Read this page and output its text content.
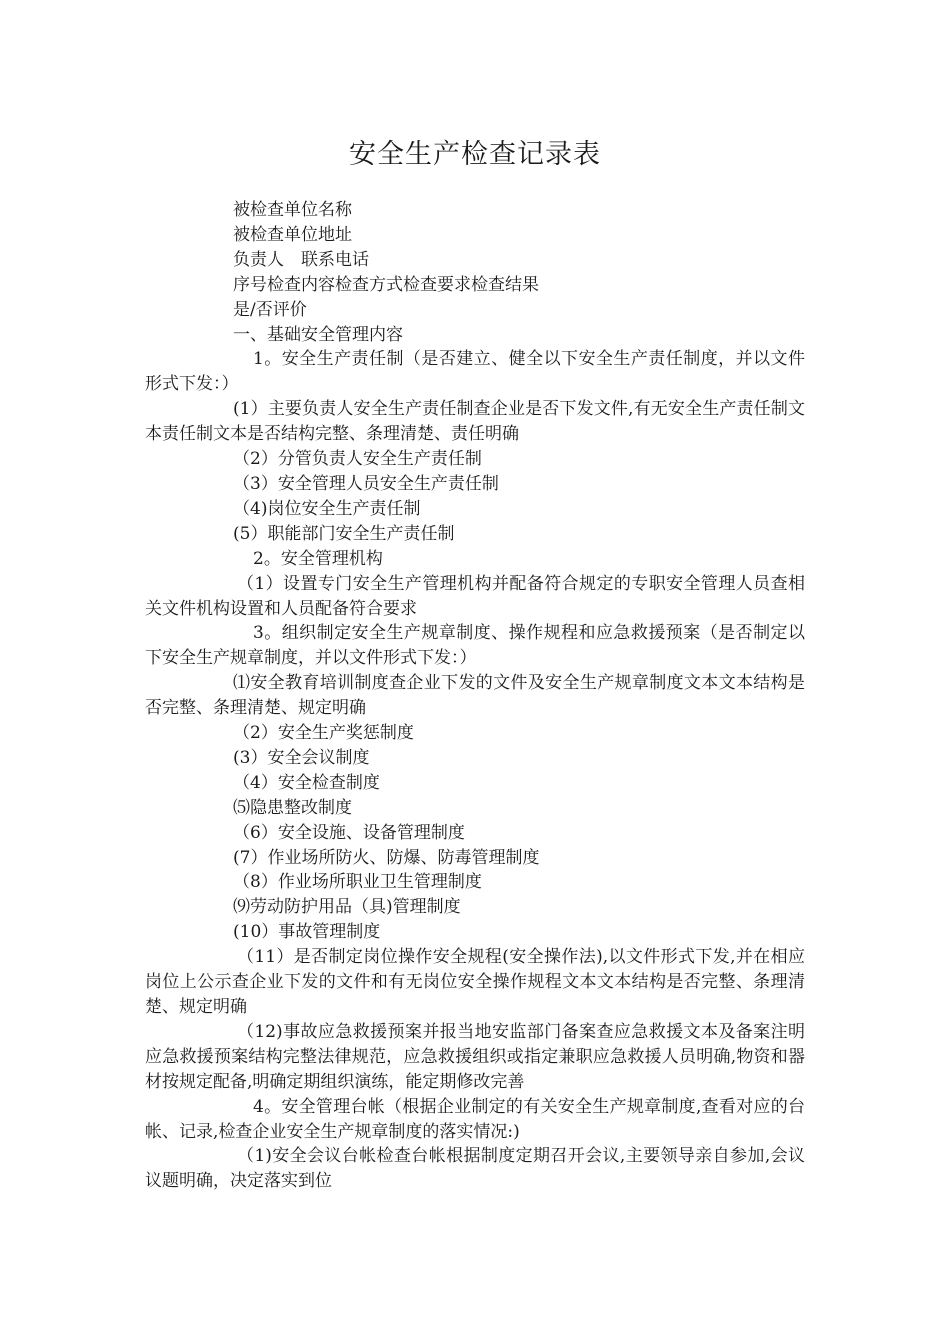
安全生产检查记录表

被检查单位名称

被检查单位地址

负责人　联系电话

序号检查内容检查方式检查要求检查结果

是/否评价

一、基础安全管理内容

1。安全生产责任制（是否建立、健全以下安全生产责任制度，并以文件形式下发：）

(1）主要负责人安全生产责任制查企业是否下发文件,有无安全生产责任制文本责任制文本是否结构完整、条理清楚、责任明确

（2）分管负责人安全生产责任制

（3）安全管理人员安全生产责任制

（4)岗位安全生产责任制

(5）职能部门安全生产责任制

2。安全管理机构

（1）设置专门安全生产管理机构并配备符合规定的专职安全管理人员查相关文件机构设置和人员配备符合要求

3。组织制定安全生产规章制度、操作规程和应急救援预案（是否制定以下安全生产规章制度，并以文件形式下发：）

⑴安全教育培训制度查企业下发的文件及安全生产规章制度文本文本结构是否完整、条理清楚、规定明确

（2）安全生产奖惩制度

(3）安全会议制度

（4）安全检查制度

⑸隐患整改制度

（6）安全设施、设备管理制度

(7）作业场所防火、防爆、防毒管理制度

（8）作业场所职业卫生管理制度

⑼劳动防护用品（具)管理制度

(10）事故管理制度

（11）是否制定岗位操作安全规程(安全操作法),以文件形式下发,并在相应岗位上公示查企业下发的文件和有无岗位安全操作规程文本文本结构是否完整、条理清楚、规定明确

（12)事故应急救援预案并报当地安监部门备案查应急救援文本及备案注明应急救援预案结构完整法律规范，应急救援组织或指定兼职应急救援人员明确,物资和器材按规定配备,明确定期组织演练，能定期修改完善

4。安全管理台帐（根据企业制定的有关安全生产规章制度,查看对应的台帐、记录,检查企业安全生产规章制度的落实情况:)

（1)安全会议台帐检查台帐根据制度定期召开会议,主要领导亲自参加,会议议题明确，决定落实到位
